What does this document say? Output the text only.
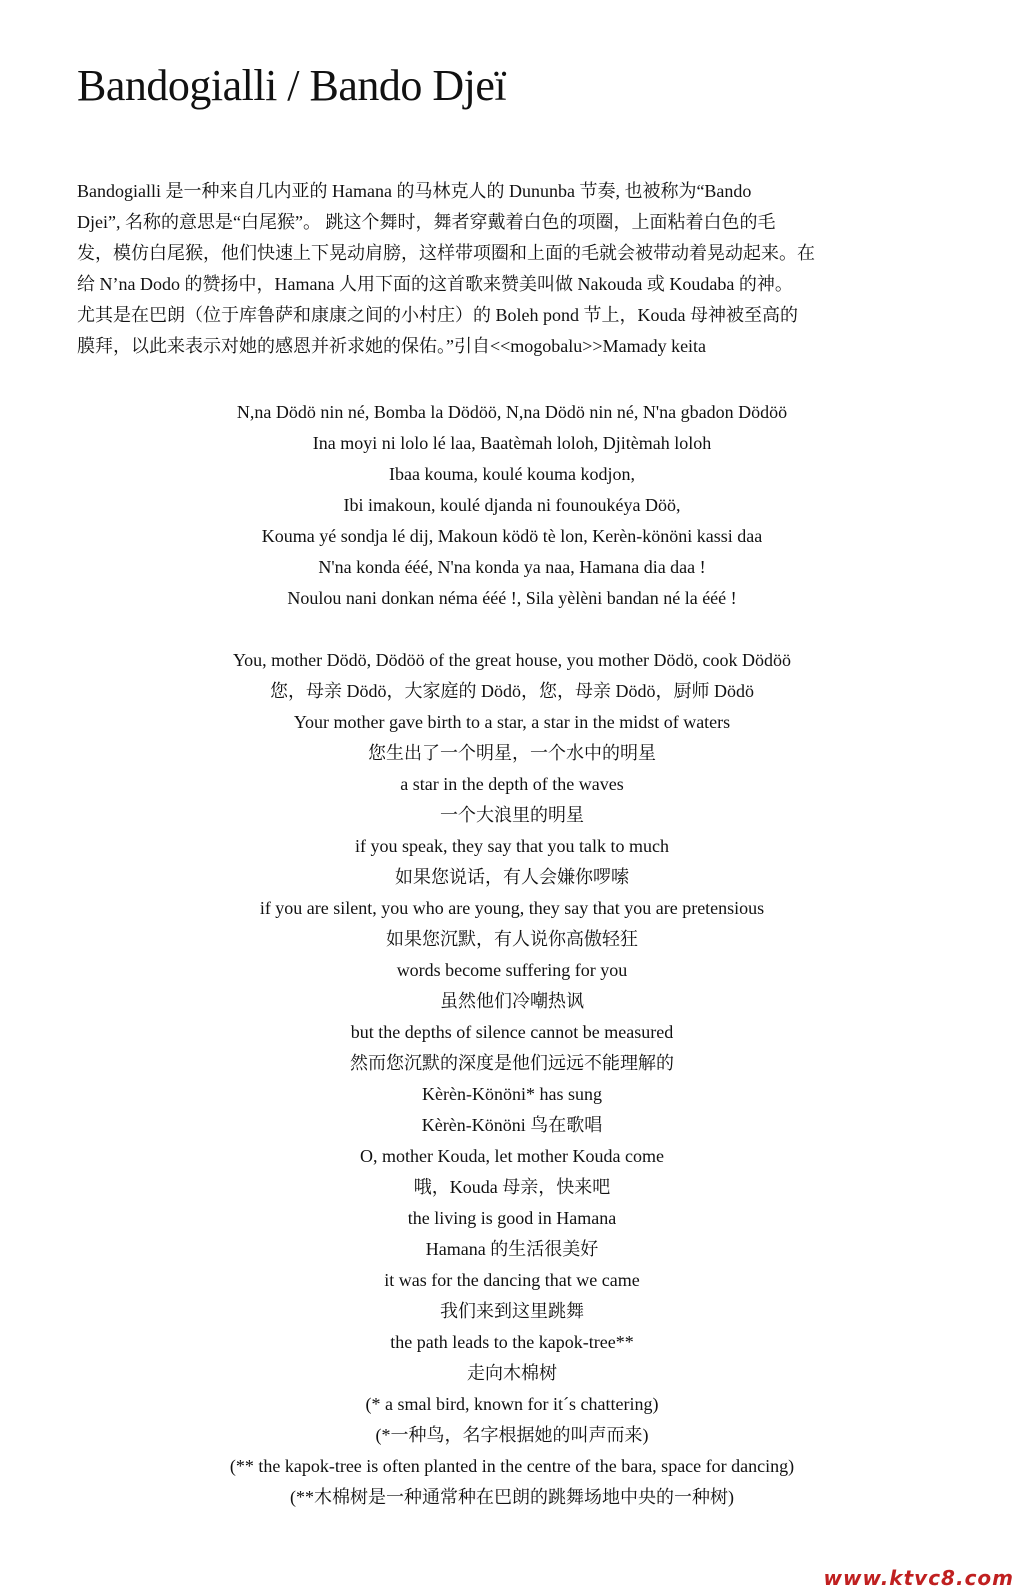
Bandogialli / Bando Djeï

Bandogialli 是一种来自几内亚的 Hamana 的马林克人的 Dununba 节奏, 也被称为“Bando

Djei”, 名称的意思是“白尾猴”。 跳这个舞时，舞者穿戴着白色的项圈，上面粘着白色的毛

发，模仿白尾猴，他们快速上下晃动肩膀，这样带项圈和上面的毛就会被带动着晃动起来。在

给 N’na Dodo 的赞扬中，Hamana 人用下面的这首歌来赞美叫做 Nakouda 或 Koudaba 的神。

尤其是在巴朗（位于库鲁萨和康康之间的小村庄）的 Boleh pond 节上，Kouda 母神被至高的

膜拜，以此来表示对她的感恩并祈求她的保佑。”引自<<mogobalu>>Mamady keita

N,na Dödö nin né, Bomba la Dödöö, N,na Dödö nin né, N'na gbadon Dödöö
Ina moyi ni lolo lé laa, Baatèmah loloh, Djitèmah loloh
Ibaa kouma, koulé kouma kodjon,
Ibi imakoun, koulé djanda ni founoukéya Döö,
Kouma yé sondja lé dij, Makoun ködö tè lon, Kerèn-könöni kassi daa
N'na konda ééé, N'na konda ya naa, Hamana dia daa !
Noulou nani donkan néma ééé !, Sila yèlèni bandan né la ééé !
You, mother Dödö, Dödöö of the great house, you mother Dödö, cook Dödöö
您，母亲 Dödö，大家庭的 Dödö，您，母亲 Dödö，厨师 Dödö
Your mother gave birth to a star, a star in the midst of waters
您生出了一个明星，一个水中的明星
a star in the depth of the waves
一个大浪里的明星
if you speak, they say that you talk to much
如果您说话，有人会嫌你啰嗦
if you are silent, you who are young, they say that you are pretensious
如果您沉默，有人说你高傲轻狂
words become suffering for you
虽然他们冷嘲热讽
but the depths of silence cannot be measured
然而您沉默的深度是他们远远不能理解的
Kèrèn-Könöni* has sung
Kèrèn-Könöni 鸟在歌唱
O, mother Kouda, let mother Kouda come
哦，Kouda 母亲，快来吧
the living is good in Hamana
Hamana 的生活很美好
it was for the dancing that we came
我们来到这里跳舞
the path leads to the kapok-tree**
走向木棉树
(* a smal bird, known for it´s chattering)
(*一种鸟，名字根据她的叫声而来)
(** the kapok-tree is often planted in the centre of the bara, space for dancing)
(**木棉树是一种通常种在巴朗的跳舞场地中央的一种树)
www.ktvc8.com
